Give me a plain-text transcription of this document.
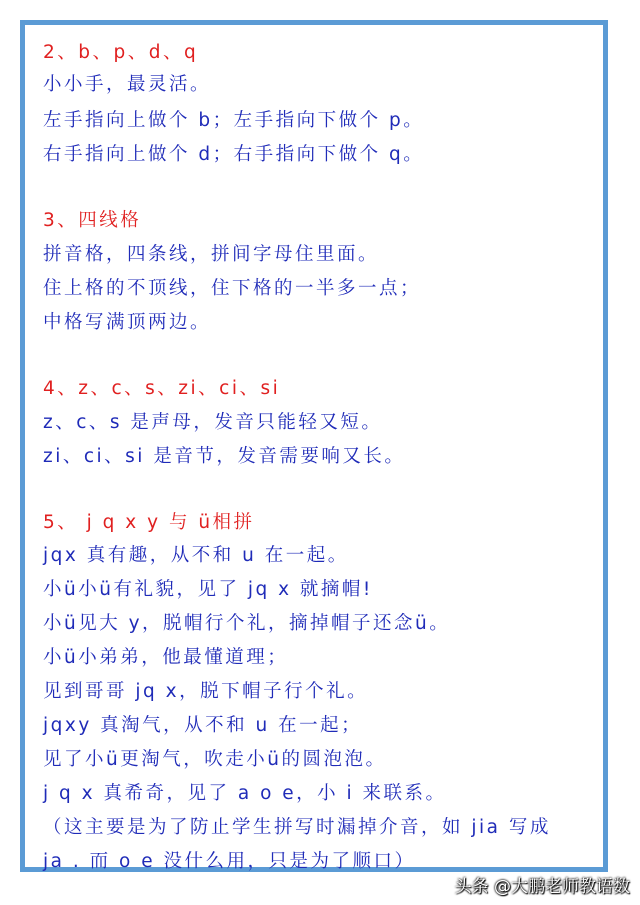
2、b、p、d、q
小小手，最灵活。
左手指向上做个 b；左手指向下做个 p。
右手指向上做个 d；右手指向下做个 q。
3、四线格
拼音格，四条线，拼间字母住里面。
住上格的不顶线，住下格的一半多一点；
中格写满顶两边。
4、z、c、s、zi、ci、si
z、c、s 是声母，发音只能轻又短。
zi、ci、si 是音节，发音需要响又长。
5、 j q x y 与 ü相拼
jqx 真有趣，从不和 u 在一起。
小ü小ü有礼貌，见了 jq x 就摘帽!
小ü见大 y，脱帽行个礼，摘掉帽子还念ü。
小ü小弟弟，他最懂道理；
见到哥哥 jq x，脱下帽子行个礼。
jqxy 真淘气，从不和 u 在一起；
见了小ü更淘气，吹走小ü的圆泡泡。
j q x 真希奇，见了 a o e，小 i 来联系。
（这主要是为了防止学生拼写时漏掉介音，如 jia 写成
ja . 而 o e 没什么用，只是为了顺口）
头条 @大鹏老师教语数
